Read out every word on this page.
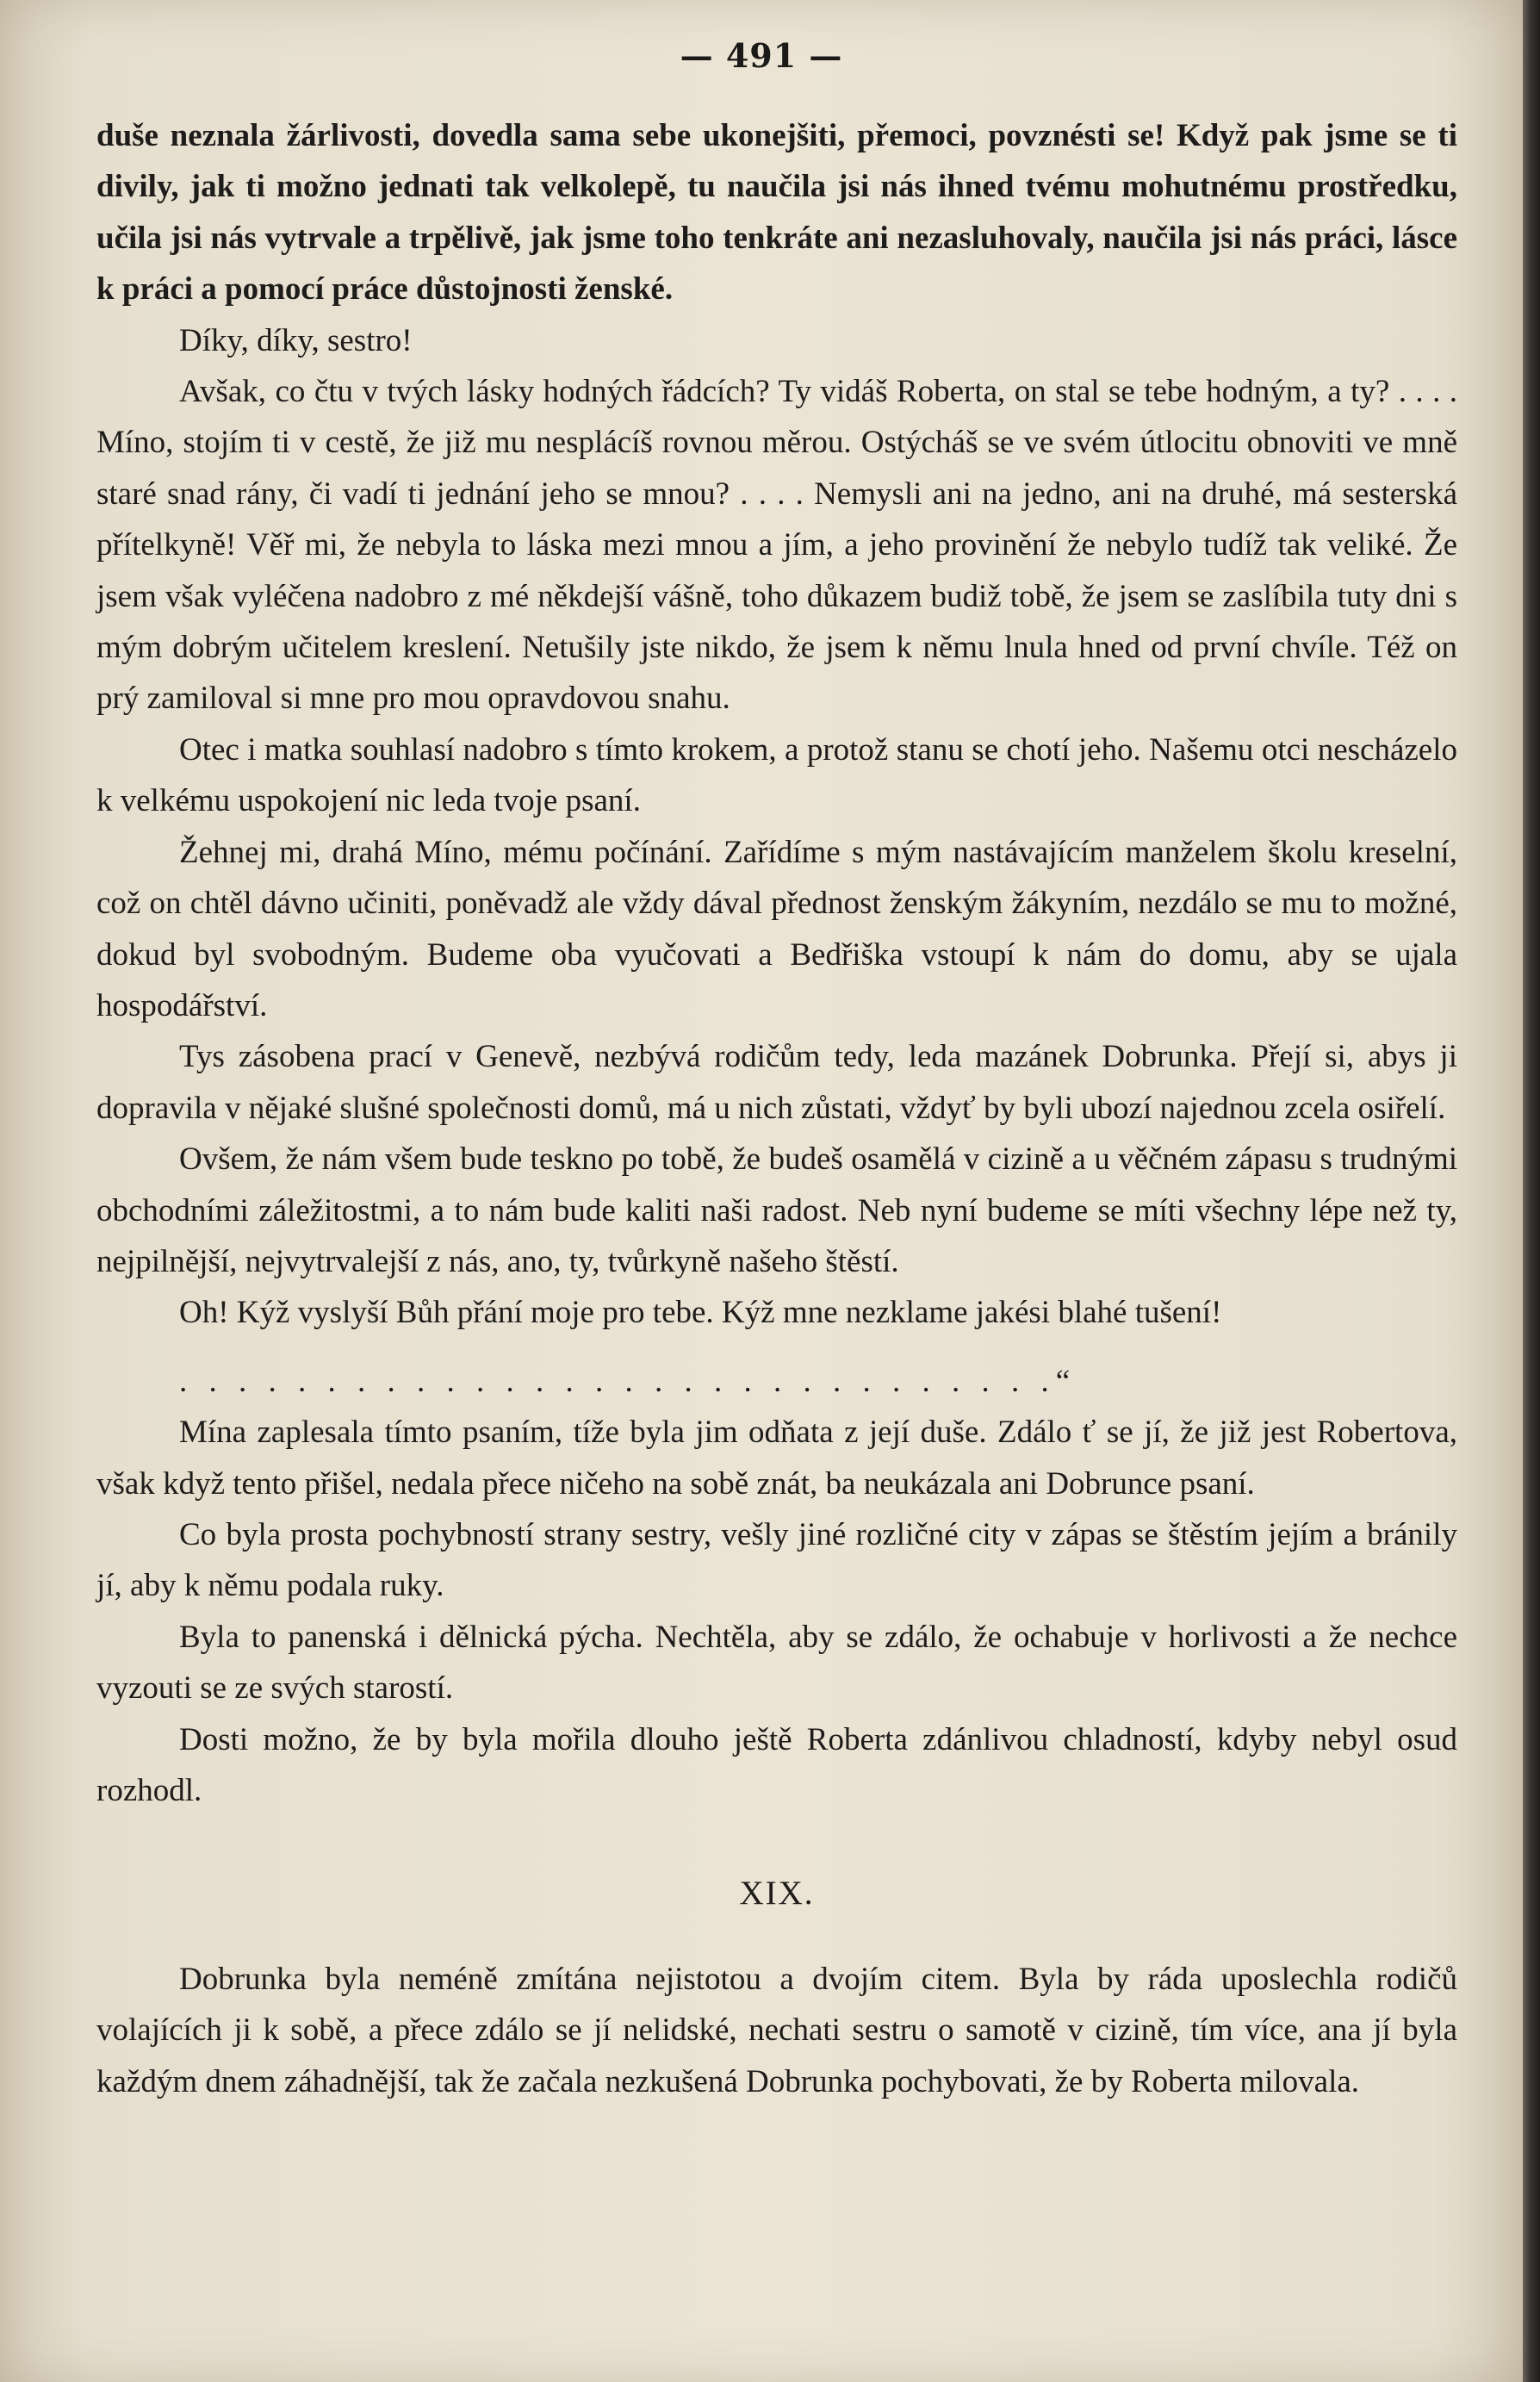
— 491 —

duše neznala žárlivosti, dovedla sama sebe ukonejšiti, přemoci, povznésti se! Když pak jsme se ti divily, jak ti možno jednati tak velkolepě, tu naučila jsi nás ihned tvému mohutnému prostředku, učila jsi nás vytrvale a trpělivě, jak jsme toho tenkráte ani nezasluhovaly, naučila jsi nás práci, lásce k práci a pomocí práce důstojnosti ženské.

Díky, díky, sestro!

Avšak, co čtu v tvých lásky hodných řádcích? Ty vidáš Roberta, on stal se tebe hodným, a ty? . . . . Míno, stojím ti v cestě, že již mu nesplácíš rovnou měrou. Ostýcháš se ve svém útlocitu obnoviti ve mně staré snad rány, či vadí ti jednání jeho se mnou? . . . . Nemysli ani na jedno, ani na druhé, má sesterská přítelkyně! Věř mi, že nebyla to láska mezi mnou a jím, a jeho provinění že nebylo tudíž tak veliké. Že jsem však vyléčena nadobro z mé někdejší vášně, toho důkazem budiž tobě, že jsem se zaslíbila tuty dni s mým dobrým učitelem kreslení. Netušily jste nikdo, že jsem k němu lnula hned od první chvíle. Též on prý zamiloval si mne pro mou opravdovou snahu.

Otec i matka souhlasí nadobro s tímto krokem, a protož stanu se chotí jeho. Našemu otci nescházelo k velkému uspokojení nic leda tvoje psaní.

Žehnej mi, drahá Míno, mému počínání. Zařídíme s mým nastávajícím manželem školu kreselní, což on chtěl dávno učiniti, poněvadž ale vždy dával přednost ženským žákyním, nezdálo se mu to možné, dokud byl svobodným. Budeme oba vyučovati a Bedřiška vstoupí k nám do domu, aby se ujala hospodářství.

Tys zásobena prací v Genevě, nezbývá rodičům tedy, leda mazánek Dobrunka. Přejí si, abys ji dopravila v nějaké slušné společnosti domů, má u nich zůstati, vždyť by byli ubozí najednou zcela osiřelí.

Ovšem, že nám všem bude teskno po tobě, že budeš osamělá v cizině a u věčném zápasu s trudnými obchodními záležitostmi, a to nám bude kaliti naši radost. Neb nyní budeme se míti všechny lépe než ty, nejpilnější, nejvytrvalejší z nás, ano, ty, tvůrkyně našeho štěstí.

Oh! Kýž vyslyší Bůh přání moje pro tebe. Kýž mne nezklame jakési blahé tušení!

. . . . . . . . . . . . . . . . . . . . . . . . . . . . . .“

Mína zaplesala tímto psaním, tíže byla jim odňata z její duše. Zdálo ť se jí, že již jest Robertova, však když tento přišel, nedala přece ničeho na sobě znát, ba neukázala ani Dobrunce psaní.

Co byla prosta pochybností strany sestry, vešly jiné rozličné city v zápas se štěstím jejím a bránily jí, aby k němu podala ruky.

Byla to panenská i dělnická pýcha. Nechtěla, aby se zdálo, že ochabuje v horlivosti a že nechce vyzouti se ze svých starostí.

Dosti možno, že by byla mořila dlouho ještě Roberta zdánlivou chladností, kdyby nebyl osud rozhodl.

XIX.

Dobrunka byla neméně zmítána nejistotou a dvojím citem. Byla by ráda uposlechla rodičů volajících ji k sobě, a přece zdálo se jí nelidské, nechati sestru o samotě v cizině, tím více, ana jí byla každým dnem záhadnější, tak že začala nezkušená Dobrunka pochybovati, že by Roberta milovala.
